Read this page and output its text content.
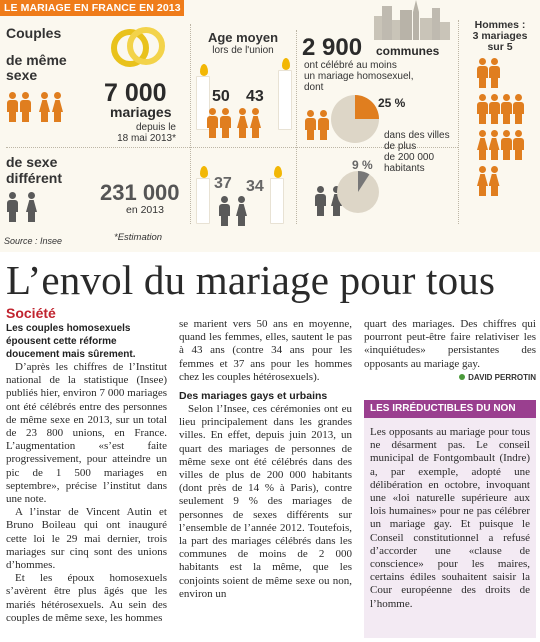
LE MARIAGE EN FRANCE EN 2013
Couples
de même
sexe
7 000
mariages
depuis le
18 mai 2013*
de sexe
différent
231 000
en 2013
Source : Insee	*Estimation
Age moyen
lors de l'union
50 43
37 34
2 900 communes
ont célébré au moins
un mariage homosexuel,
dont
25 %
dans des villes
de plus
de 200 000
habitants
9 %
Hommes :
3 mariages
sur 5
L’envol du mariage pour tous
Société
Les couples homosexuels épousent cette réforme doucement mais sûrement.

D’après les chiffres de l’Institut national de la statistique (Insee) publiés hier, environ 7 000 mariages ont été célébrés entre des personnes de même sexe en 2013, sur un total de 23 800 unions, en France. L’augmentation «s’est faite progressivement, pour atteindre un pic de 1 500 mariages en septembre», précise l’institut dans une note.

A l’instar de Vincent Autin et Bruno Boileau qui ont inauguré cette loi le 29 mai dernier, trois mariages sur cinq sont des unions d’hommes.

Et les époux homosexuels s’avèrent être plus âgés que les mariés hétérosexuels. Au sein des couples de même sexe, les hommes

se marient vers 50 ans en moyenne, quand les femmes, elles, sautent le pas à 43 ans (contre 34 ans pour les femmes et 37 ans pour les hommes chez les couples hétérosexuels).

Des mariages gays et urbains

Selon l’Insee, ces cérémonies ont eu lieu principalement dans les grandes villes. En effet, depuis juin 2013, un quart des mariages de personnes de même sexe ont été célébrés dans des villes de plus de 200 000 habitants (dont près de 14 % à Paris), contre seulement 9 % des mariages de personnes de sexes différents sur l’ensemble de l’année 2012. Toutefois, la part des mariages célébrés dans les communes de moins de 2 000 habitants est la même, que les conjoints soient de même sexe ou non, environ un

quart des mariages. Des chiffres qui pourront peut-être faire relativiser les «inquiétudes» persistantes des opposants au mariage gay.

DAVID PERROTIN
LES IRRÉDUCTIBLES DU NON

Les opposants au mariage pour tous ne désarment pas. Le conseil municipal de Fontgombault (Indre) a, par exemple, adopté une délibération en octobre, invoquant une «loi naturelle supérieure aux lois humaines» pour ne pas célébrer un mariage gay. Et puisque le Conseil constitutionnel a refusé d’accorder une «clause de conscience» pour les maires, certains édiles souhaitent saisir la Cour européenne des droits de l’homme.
